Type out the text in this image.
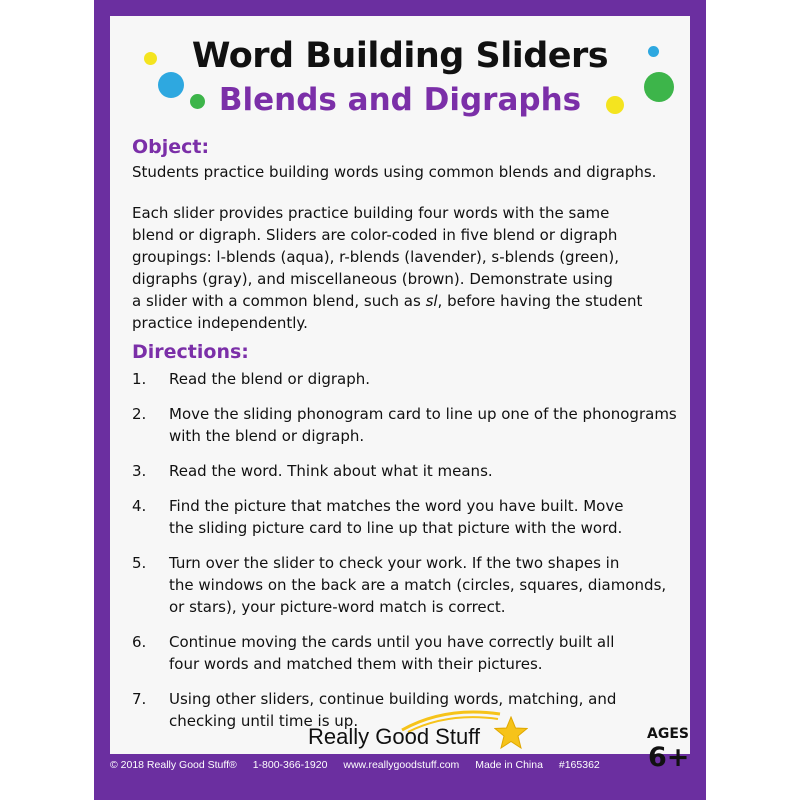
Word Building Sliders
Blends and Digraphs
Object:

Students practice building words using common blends and digraphs.

Each slider provides practice building four words with the same
blend or digraph. Sliders are color-coded in five blend or digraph
groupings: l-blends (aqua), r-blends (lavender), s-blends (green),
digraphs (gray), and miscellaneous (brown). Demonstrate using
a slider with a common blend, such as sl, before having the student
practice independently.
Directions:
1. Read the blend or digraph.
2. Move the sliding phonogram card to line up one of the phonograms
with the blend or digraph.
3. Read the word. Think about what it means.
4. Find the picture that matches the word you have built. Move
the sliding picture card to line up that picture with the word.
5. Turn over the slider to check your work. If the two shapes in
the windows on the back are a match (circles, squares, diamonds,
or stars), your picture-word match is correct.
6. Continue moving the cards until you have correctly built all
four words and matched them with their pictures.
7. Using other sliders, continue building words, matching, and
checking until time is up.
Really Good Stuff	AGES
6+
© 2018 Really Good Stuff® 1-800-366-1920 www.reallygoodstuff.com Made in China #165362
